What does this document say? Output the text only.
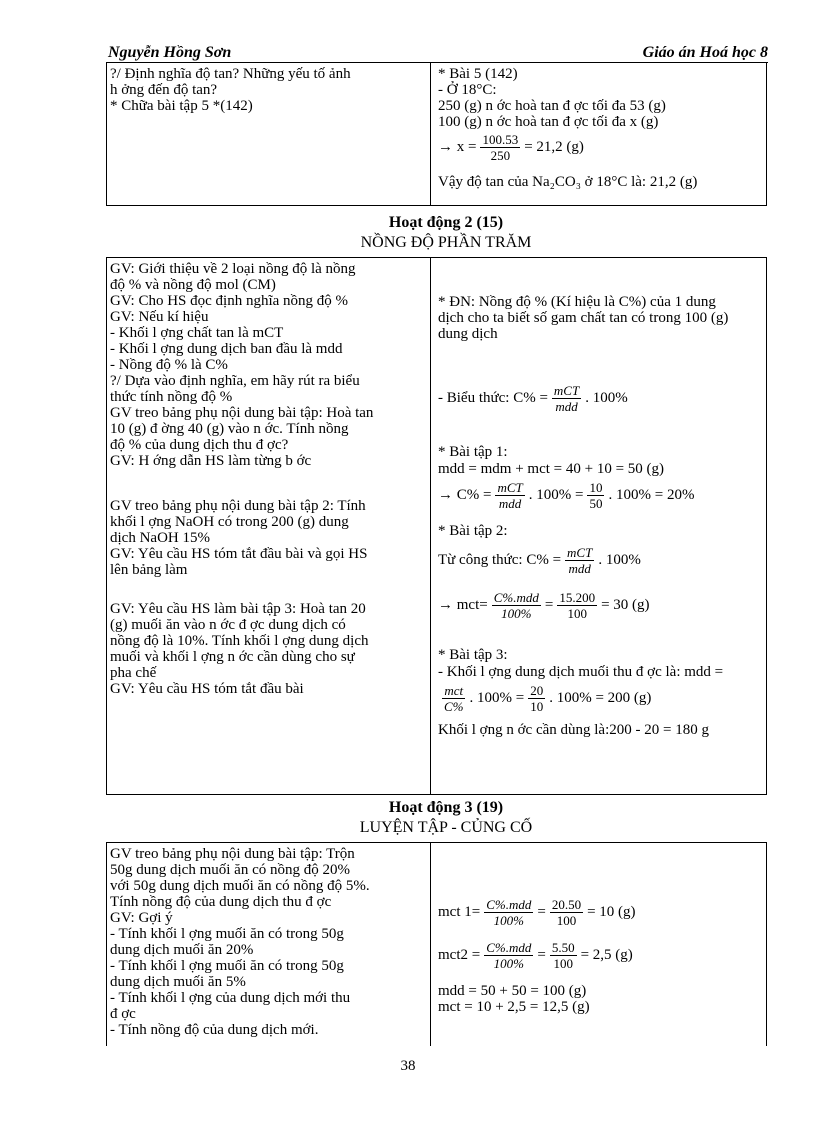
Nguyễn Hồng Sơn	Giáo án Hoá học 8
?/ Định nghĩa độ tan? Những yếu tố ảnh
h ởng đến độ tan?
* Chữa bài tập 5 *(142)
* Bài 5 (142)
- Ở 18°C:
250 (g) n ớc hoà tan đ ợc tối đa 53 (g)
100 (g) n ớc hoà tan đ ợc tối đa x (g)
→ $x = \frac{100.53}{250} = 21,2$ (g)
Vậy độ tan của Na₂CO₃ ở 18°C là: 21,2 (g)
Hoạt động 2 (15)
NỒNG ĐỘ PHẦN TRĂM
GV: Giới thiệu về 2 loại nồng độ là nồng
độ % và nồng độ mol (CM)
GV: Cho HS đọc định nghĩa nồng độ %
GV: Nếu kí hiệu
- Khối l ợng chất tan là mCT
- Khối l ợng dung dịch ban đầu là mdd
- Nồng độ % là C%
?/ Dựa vào định nghĩa, em hãy rút ra biểu
thức tính nồng độ %
GV treo bảng phụ nội dung bài tập: Hoà tan
10 (g) đ ờng 40 (g) vào n ớc. Tính nồng
độ % của dung dịch thu đ ợc?
GV: H ớng dẫn HS làm từng b ớc
GV treo bảng phụ nội dung bài tập 2: Tính
khối l ợng NaOH có trong 200 (g) dung
dịch NaOH 15%
GV: Yêu cầu HS tóm tắt đầu bài và gọi HS
lên bảng làm
GV: Yêu cầu HS làm bài tập 3: Hoà tan 20
(g) muối ăn vào n ớc đ ợc dung dịch có
nồng độ là 10%. Tính khối l ợng dung dịch
muối và khối l ợng n ớc cần dùng cho sự
pha chế
GV: Yêu cầu HS tóm tắt đầu bài
* ĐN: Nồng độ % (Kí hiệu là C%) của 1 dung
dịch cho ta biết số gam chất tan có trong 100 (g)
dung dịch
- Biểu thức: $C\% = \frac{\text{mCT}}{\text{mdd}}$ . 100%
* Bài tập 1:
mdd = mdm + mct = 40 + 10 = 50 (g)
→ $C\% = \frac{\text{mCT}}{\text{mdd}}$ . $100\% = \frac{10}{50}$ . 100% = 20%
* Bài tập 2:
Từ công thức: $C\% = \frac{\text{mCT}}{\text{mdd}}$ . 100%
→ $mct= \frac{\text{C\%.mdd}}{100\%} = \frac{15.200}{100} = 30$ (g)
* Bài tập 3:
- Khối l ợng dung dịch muối thu đ ợc là: mdd =
$\frac{\text{mct}}{C\%}$ . $100\% = \frac{20}{10}$ . 100% = 200 (g)
Khối l ợng n ớc cần dùng là:200 - 20 = 180 g
Hoạt động 3 (19)
LUYỆN TẬP - CỦNG CỐ
GV treo bảng phụ nội dung bài tập: Trộn
50g dung dịch muối ăn có nồng độ 20%
với 50g dung dịch muối ăn có nồng độ 5%.
Tính nồng độ của dung dịch thu đ ợc
GV: Gợi ý
- Tính khối l ợng muối ăn có trong 50g
dung dịch muối ăn 20%
- Tính khối l ợng muối ăn có trong 50g
dung dịch muối ăn 5%
- Tính khối l ợng của dung dịch mới thu
đ ợc
- Tính nồng độ của dung dịch mới.
mct $1= \frac{\text{C\%.mdd}}{100\%} = \frac{20.50}{100} = 10$ (g)
$mct2 = \frac{\text{C\%.mdd}}{100\%} = \frac{5.50}{100} = 2,5$ (g)
mdd = 50 + 50 = 100 (g)
mct = 10 + 2,5 = 12,5 (g)
38
